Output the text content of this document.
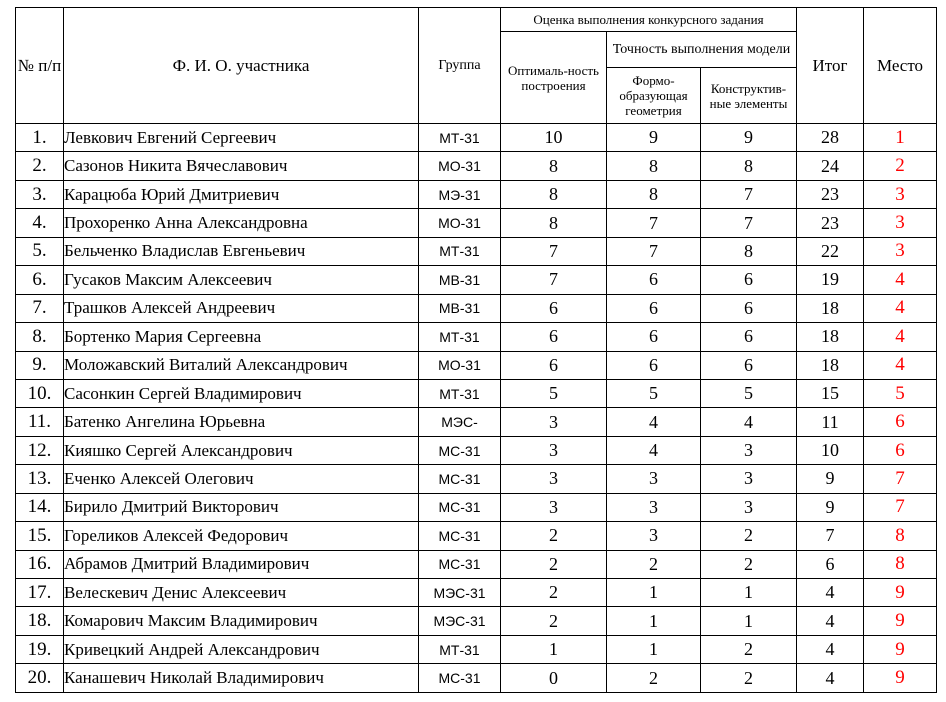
№ п/п	Ф. И. О. участника	Группа	Оценка выполнения конкурсного задания			Итог	Место
			Оптималь-ность построения	Точность выполнения модели			
				Формо-образующая геометрия	Конструктив-ные элементы		
1.	Левкович Евгений Сергеевич	МТ-31	10	9	9	28	1
2.	Сазонов Никита Вячеславович	МО-31	8	8	8	24	2
3.	Карацюба Юрий Дмитриевич	МЭ-31	8	8	7	23	3
4.	Прохоренко Анна Александровна	МО-31	8	7	7	23	3
5.	Бельченко Владислав Евгеньевич	МТ-31	7	7	8	22	3
6.	Гусаков Максим Алексеевич	МВ-31	7	6	6	19	4
7.	Трашков Алексей Андреевич	МВ-31	6	6	6	18	4
8.	Бортенко Мария Сергеевна	МТ-31	6	6	6	18	4
9.	Моложавский Виталий Александрович	МО-31	6	6	6	18	4
10.	Сасонкин Сергей Владимирович	МТ-31	5	5	5	15	5
11.	Батенко Ангелина Юрьевна	МЭС-	3	4	4	11	6
12.	Кияшко Сергей Александрович	МС-31	3	4	3	10	6
13.	Еченко Алексей Олегович	МС-31	3	3	3	9	7
14.	Бирило Дмитрий Викторович	МС-31	3	3	3	9	7
15.	Гореликов Алексей Федорович	МС-31	2	3	2	7	8
16.	Абрамов Дмитрий Владимирович	МС-31	2	2	2	6	8
17.	Велескевич Денис Алексеевич	МЭС-31	2	1	1	4	9
18.	Комарович Максим Владимирович	МЭС-31	2	1	1	4	9
19.	Кривецкий Андрей Александрович	МТ-31	1	1	2	4	9
20.	Канашевич Николай Владимирович	МС-31	0	2	2	4	9
